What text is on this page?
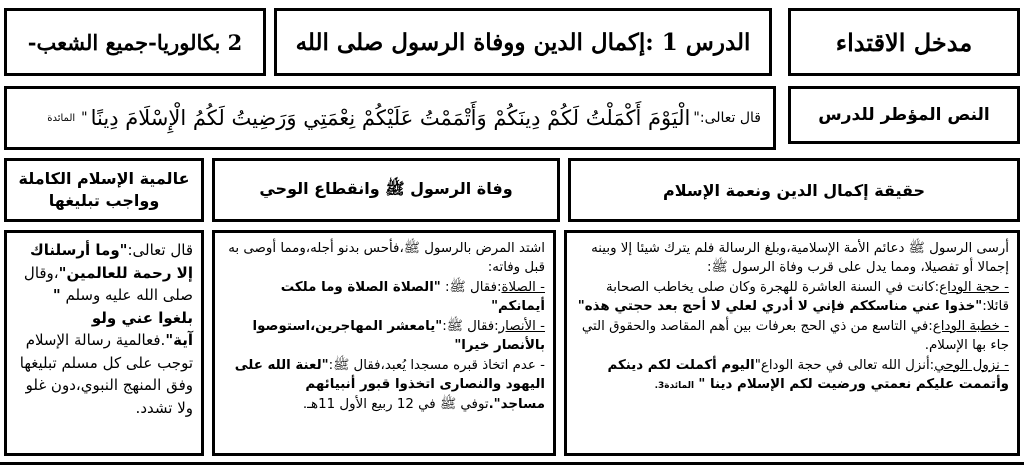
مدخل الاقتداء
الدرس 1 :إكمال الدين ووفاة الرسول صلى الله
2 بكالوريا-جميع الشعب-
النص المؤطر للدرس
قال تعالى:"
الْيَوْمَ أَكْمَلْتُ لَكُمْ دِينَكُمْ وَأَتْمَمْتُ عَلَيْكُمْ نِعْمَتِي وَرَضِيتُ لَكُمُ الْإِسْلَامَ دِينًا
"
المائدة
حقيقة إكمال الدين ونعمة الإسلام
وفاة الرسول ﷺ وانقطاع الوحي
عالمية الإسلام الكاملة
وواجب تبليغها

أرسى الرسول ﷺ دعائم الأمة الإسلامية،وبلغ الرسالة فلم يترك شيئا إلا وبينه إجمالا أو تفصيلا، ومما يدل على قرب وفاة الرسول ﷺ:

- حجة الوداع:كانت في السنة العاشرة للهجرة وكان صلى يخاطب الصحابة قائلا:"خذوا عني مناسككم فإني لا أدري لعلي لا أحج بعد حجتي هذه"

- خطبة الوداع:في التاسع من ذي الحج بعرفات بين أهم المقاصد والحقوق التي جاء بها الإسلام.

- نزول الوحي:أنزل الله تعالى في حجة الوداع"اليوم أكملت لكم دينكم وأتممت عليكم نعمتي ورضيت لكم الإسلام دينا " المائدة3.

اشتد المرض بالرسول ﷺ،فأحس بدنو أجله،ومما أوصى به قبل وفاته:

- الصلاة:فقال ﷺ: "الصلاة الصلاة وما ملكت أيمانكم"

- الأنصار:فقال ﷺ:"يامعشر المهاجرين،استوصوا بالأنصار خيرا"

- عدم اتخاذ قبره مسجدا يُعبد،فقال ﷺ:"لعنة الله على اليهود والنصارى اتخذوا قبور أنبيائهم مساجد".توفي ﷺ في 12 ربيع الأول 11هـ.

قال تعالى:"وما أرسلناك إلا رحمة للعالمين"،وقال صلى الله عليه وسلم " بلغوا عني ولو آية".فعالمية رسالة الإسلام توجب على كل مسلم تبليغها وفق المنهج النبوي،دون غلو ولا تشدد.
